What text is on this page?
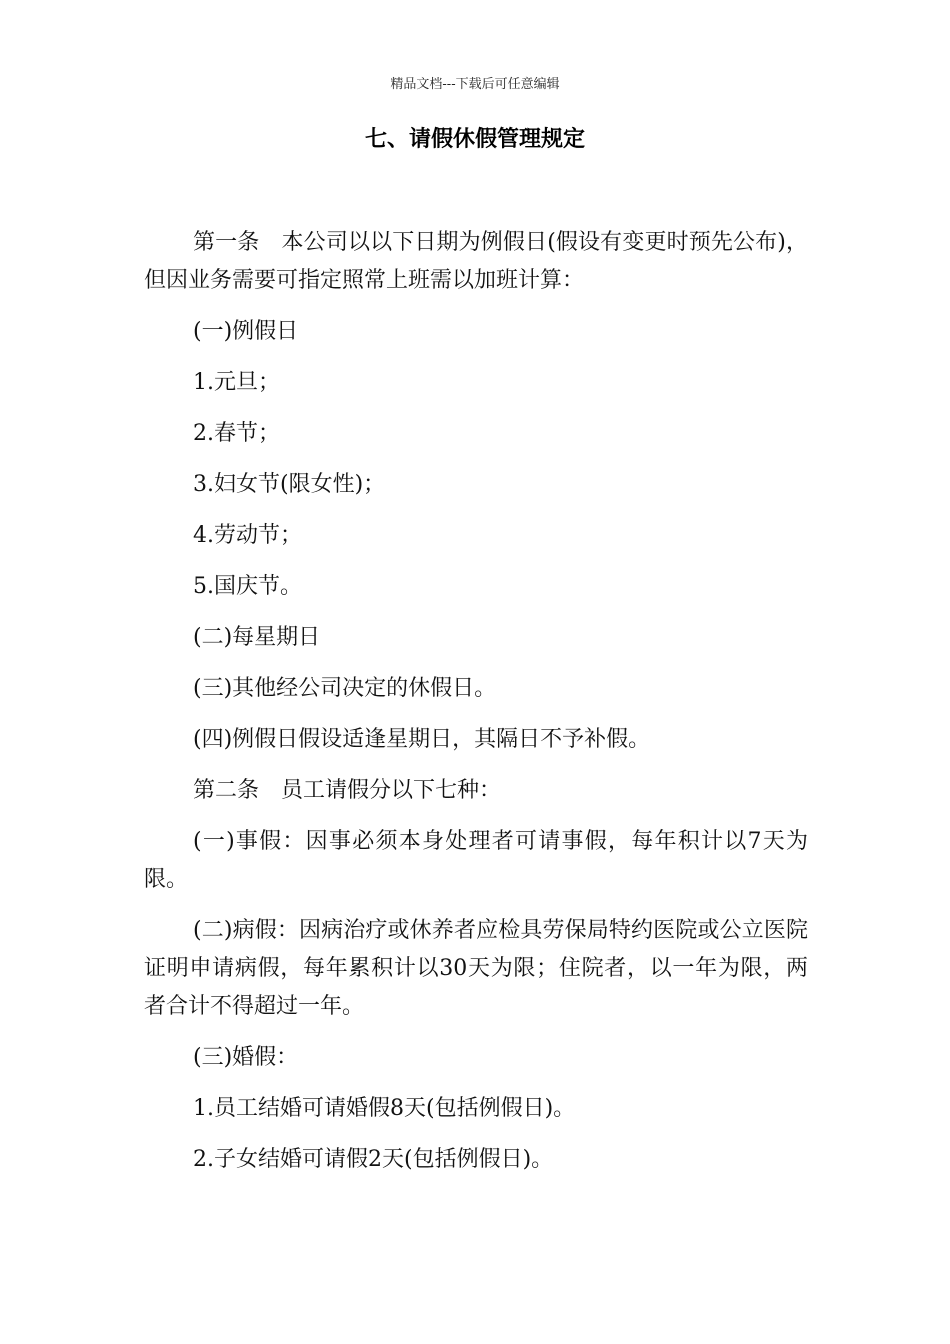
精品文档---下载后可任意编辑
七、请假休假管理规定

第一条　本公司以以下日期为例假日(假设有变更时预先公布)，但因业务需要可指定照常上班需以加班计算：

(一)例假日

1.元旦；

2.春节；

3.妇女节(限女性)；

4.劳动节；

5.国庆节。

(二)每星期日

(三)其他经公司决定的休假日。

(四)例假日假设适逢星期日，其隔日不予补假。

第二条　员工请假分以下七种：

(一)事假：因事必须本身处理者可请事假，每年积计以7天为限。

(二)病假：因病治疗或休养者应检具劳保局特约医院或公立医院证明申请病假，每年累积计以30天为限；住院者，以一年为限，两者合计不得超过一年。

(三)婚假：

1.员工结婚可请婚假8天(包括例假日)。

2.子女结婚可请假2天(包括例假日)。
